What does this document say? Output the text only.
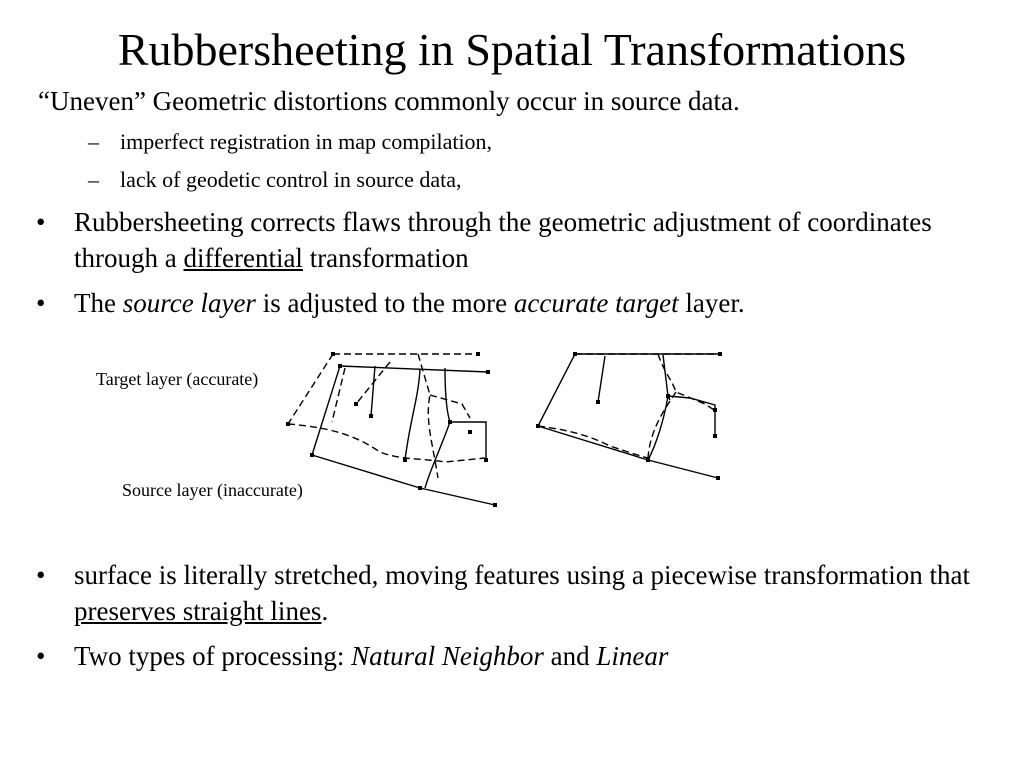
Rubbersheeting in Spatial Transformations

“Uneven” Geometric distortions commonly occur in source data.

– imperfect registration in map compilation,
– lack of geodetic control in source data,
• Rubbersheeting corrects flaws through the geometric adjustment of coordinates through a differential transformation
• The source layer is adjusted to the more accurate target layer.
Target layer (accurate)
Source layer (inaccurate)
• surface is literally stretched, moving features using a piecewise transformation that preserves straight lines.
• Two types of processing: Natural Neighbor and Linear
